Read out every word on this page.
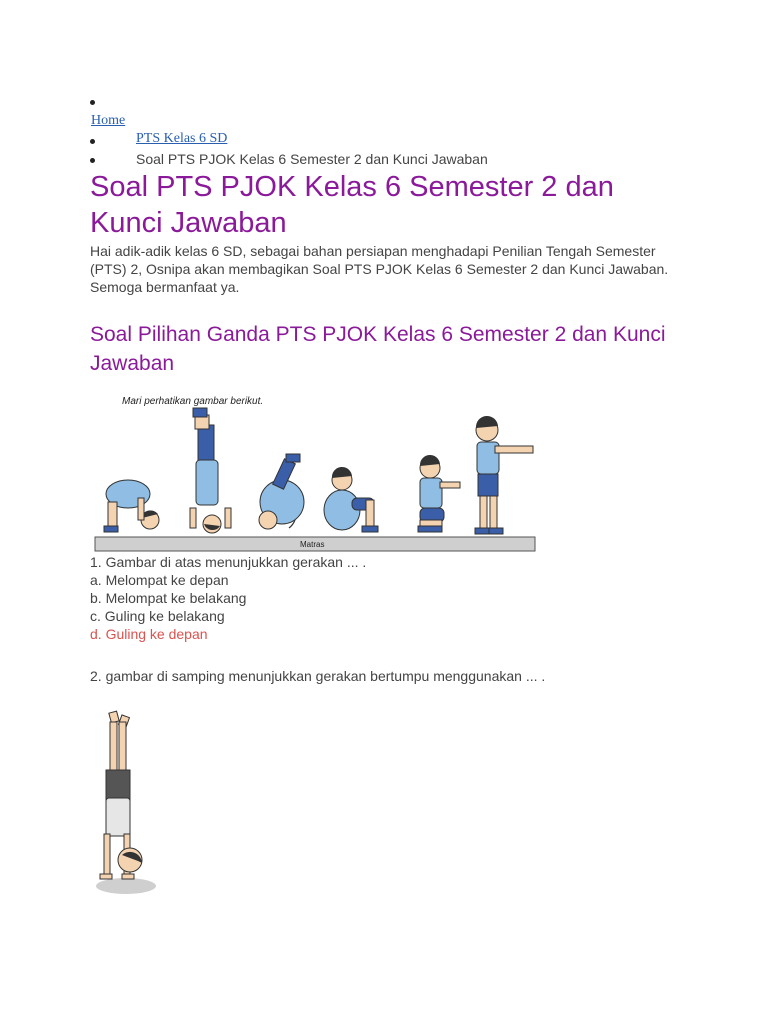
Home
PTS Kelas 6 SD
Soal PTS PJOK Kelas 6 Semester 2 dan Kunci Jawaban
Soal PTS PJOK Kelas 6 Semester 2 dan Kunci Jawaban

Hai adik-adik kelas 6 SD, sebagai bahan persiapan menghadapi Penilian Tengah Semester (PTS) 2, Osnipa akan membagikan Soal PTS PJOK Kelas 6 Semester 2 dan Kunci Jawaban. Semoga bermanfaat ya.

Soal Pilihan Ganda PTS PJOK Kelas 6 Semester 2 dan Kunci Jawaban
Mari perhatikan gambar berikut.
Matras

1. Gambar di atas menunjukkan gerakan ... .

a. Melompat ke depan

b. Melompat ke belakang

c. Guling ke belakang

d. Guling ke depan

2. gambar di samping menunjukkan gerakan bertumpu menggunakan ... .
